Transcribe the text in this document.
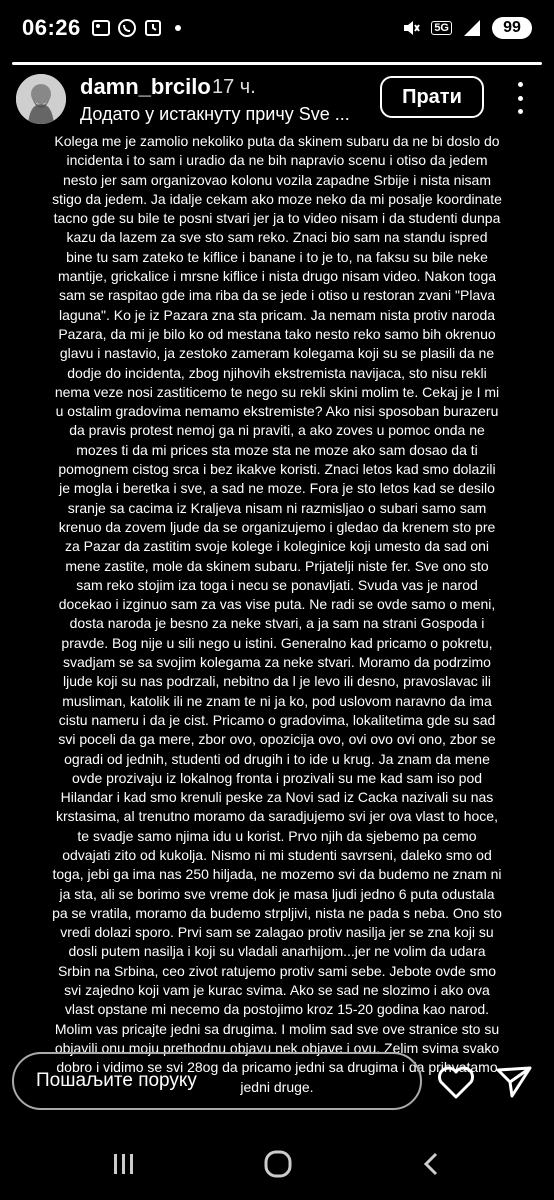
06:26	5G	99
damn_brcilo 17 ч.
Додато у истакнуту причу Sve ...
Прати
Kolega me je zamolio nekoliko puta da skinem subaru da ne bi doslo do incidenta i to sam i uradio da ne bih napravio scenu i otiso da jedem nesto jer sam organizovao kolonu vozila zapadne Srbije i nista nisam stigo da jedem. Ja idalje cekam ako moze neko da mi posalje koordinate tacno gde su bile te posni stvari jer ja to video nisam i da studenti dunpa kazu da lazem za sve sto sam reko. Znaci bio sam na standu ispred bine tu sam zateko te kiflice i banane i to je to, na faksu su bile neke mantije, grickalice i mrsne kiflice i nista drugo nisam video. Nakon toga sam se raspitao gde ima riba da se jede i otiso u restoran zvani "Plava laguna". Ko je iz Pazara zna sta pricam. Ja nemam nista protiv naroda Pazara, da mi je bilo ko od mestana tako nesto reko samo bih okrenuo glavu i nastavio, ja zestoko zameram kolegama koji su se plasili da ne dodje do incidenta, zbog njihovih ekstremista navijaca, sto nisu rekli nema veze nosi zastiticemo te nego su rekli skini molim te. Cekaj je I mi u ostalim gradovima nemamo ekstremiste? Ako nisi sposoban burazeru da pravis protest nemoj ga ni praviti, a ako zoves u pomoc onda ne mozes ti da mi prices sta moze sta ne moze ako sam dosao da ti pomognem cistog srca i bez ikakve koristi. Znaci letos kad smo dolazili je mogla i beretka i sve, a sad ne moze. Fora je sto letos kad se desilo sranje sa cacima iz Kraljeva nisam ni razmisljao o subari samo sam krenuo da zovem ljude da se organizujemo i gledao da krenem sto pre za Pazar da zastitim svoje kolege i koleginice koji umesto da sad oni mene zastite, mole da skinem subaru. Prijatelji niste fer. Sve ono sto sam reko stojim iza toga i necu se ponavljati. Svuda vas je narod docekao i izginuo sam za vas vise puta. Ne radi se ovde samo o meni, dosta naroda je besno za neke stvari, a ja sam na strani Gospoda i pravde. Bog nije u sili nego u istini. Generalno kad pricamo o pokretu, svadjam se sa svojim kolegama za neke stvari. Moramo da podrzimo ljude koji su nas podrzali, nebitno da l je levo ili desno, pravoslavac ili musliman, katolik ili ne znam te ni ja ko, pod uslovom naravno da ima cistu nameru i da je cist. Pricamo o gradovima, lokalitetima gde su sad svi poceli da ga mere, zbor ovo, opozicija ovo, ovi ovo ovi ono, zbor se ogradi od jednih, studenti od drugih i to ide u krug. Ja znam da mene ovde prozivaju iz lokalnog fronta i prozivali su me kad sam iso pod Hilandar i kad smo krenuli peske za Novi sad iz Cacka nazivali su nas krstasima, al trenutno moramo da saradjujemo svi jer ova vlast to hoce, te svadje samo njima idu u korist. Prvo njih da sjebemo pa cemo odvajati zito od kukolja. Nismo ni mi studenti savrseni, daleko smo od toga, jebi ga ima nas 250 hiljada, ne mozemo svi da budemo ne znam ni ja sta, ali se borimo sve vreme dok je masa ljudi jedno 6 puta odustala pa se vratila, moramo da budemo strpljivi, nista ne pada s neba. Ono sto vredi dolazi sporo. Prvi sam se zalagao protiv nasilja jer se zna koji su dosli putem nasilja i koji su vladali anarhijom...jer ne volim da udara Srbin na Srbina, ceo zivot ratujemo protiv sami sebe. Jebote ovde smo svi zajedno koji vam je kurac svima. Ako se sad ne slozimo i ako ova vlast opstane mi necemo da postojimo kroz 15-20 godina kao narod. Molim vas pricajte jedni sa drugima. I molim sad sve ove stranice sto su objavili onu moju prethodnu objavu nek objave i ovu. Zelim svima svako dobro i vidimo se svi 28og da pricamo jedni sa drugima i da prihvatamo jedni druge.
Пошаљите поруку
